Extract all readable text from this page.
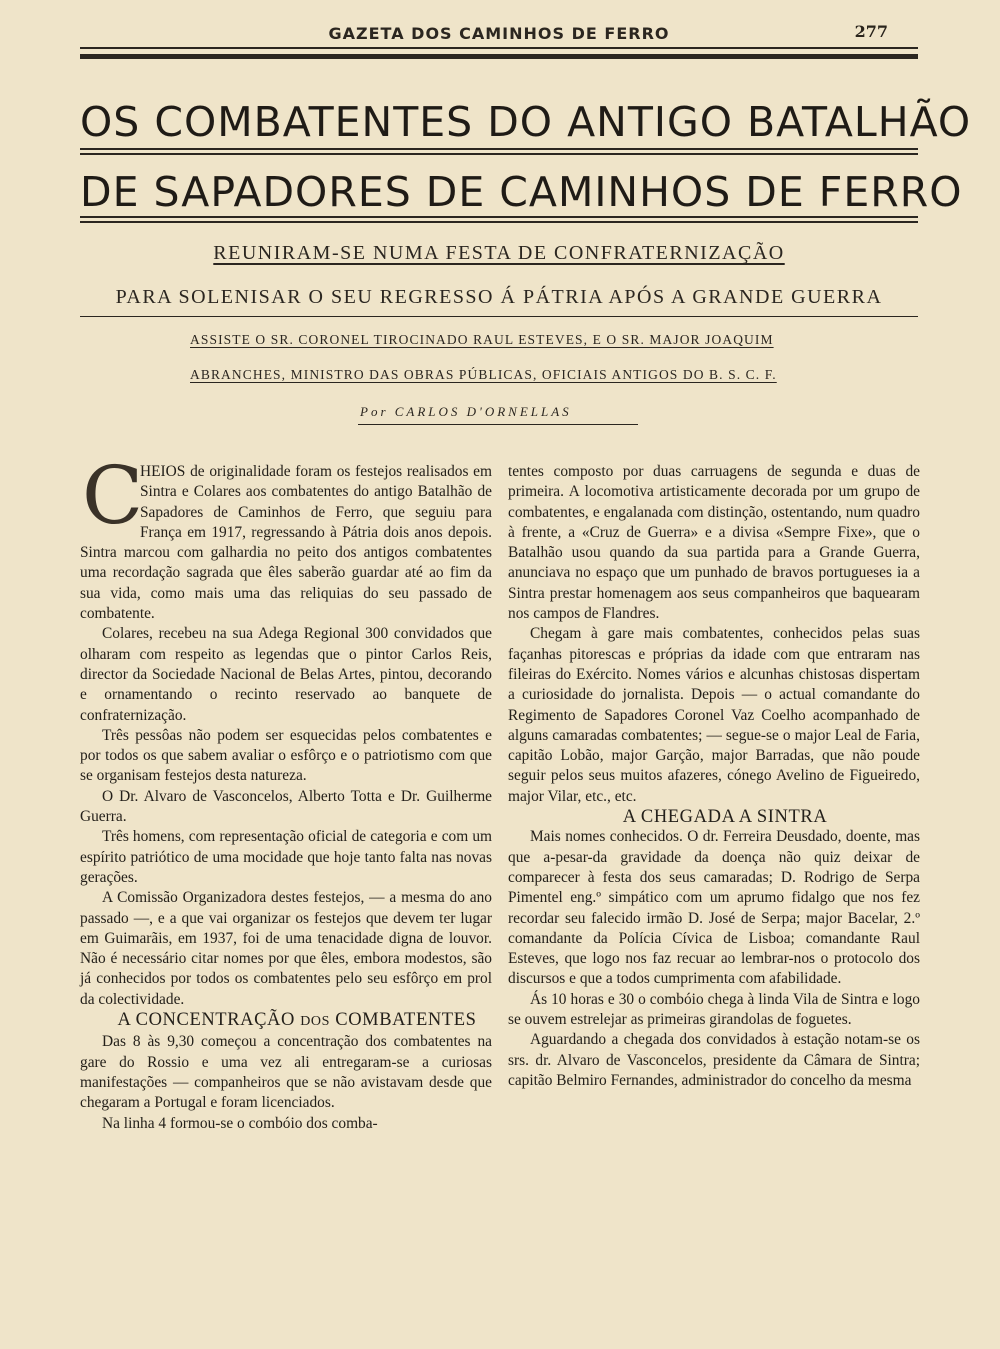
GAZETA DOS CAMINHOS DE FERRO	277
OS COMBATENTES DO ANTIGO BATALHÃO
DE SAPADORES DE CAMINHOS DE FERRO
REUNIRAM-SE NUMA FESTA DE CONFRATERNIZAÇÃO
PARA SOLENISAR O SEU REGRESSO Á PÁTRIA APÓS A GRANDE GUERRA
ASSISTE O SR. CORONEL TIROCINADO RAUL ESTEVES, E O SR. MAJOR JOAQUIM
ABRANCHES, MINISTRO DAS OBRAS PÚBLICAS, OFICIAIS ANTIGOS DO B. S. C. F.
Por CARLOS D'ORNELLAS

C
HEIOS de originalidade foram os festejos realisados em Sintra e Colares aos combatentes do antigo Batalhão de Sapadores de Caminhos de Ferro, que seguiu para França em 1917, regressando à Pátria dois anos depois. Sintra marcou com galhardia no peito dos antigos combatentes uma recordação sagrada que êles saberão guardar até ao fim da sua vida, como mais uma das reliquias do seu passado de combatente.

Colares, recebeu na sua Adega Regional 300 convidados que olharam com respeito as legendas que o pintor Carlos Reis, director da Sociedade Nacional de Belas Artes, pintou, decorando e ornamentando o recinto reservado ao banquete de confraternização.

Três pessôas não podem ser esquecidas pelos combatentes e por todos os que sabem avaliar o esfôrço e o patriotismo com que se organisam festejos desta natureza.

O Dr. Alvaro de Vasconcelos, Alberto Totta e Dr. Guilherme Guerra.

Três homens, com representação oficial de categoria e com um espírito patriótico de uma mocidade que hoje tanto falta nas novas gerações.

A Comissão Organizadora destes festejos, — a mesma do ano passado —, e a que vai organizar os festejos que devem ter lugar em Guimarãis, em 1937, foi de uma tenacidade digna de louvor. Não é necessário citar nomes por que êles, embora modestos, são já conhecidos por todos os combatentes pelo seu esfôrço em prol da colectividade.

A CONCENTRAÇÃO DOS COMBATENTES

Das 8 às 9,30 começou a concentração dos combatentes na gare do Rossio e uma vez ali entregaram-se a curiosas manifestações — companheiros que se não avistavam desde que chegaram a Portugal e foram licenciados.

Na linha 4 formou-se o combóio dos comba-

tentes composto por duas carruagens de segunda e duas de primeira. A locomotiva artisticamente decorada por um grupo de combatentes, e engalanada com distinção, ostentando, num quadro à frente, a «Cruz de Guerra» e a divisa «Sempre Fixe», que o Batalhão usou quando da sua partida para a Grande Guerra, anunciava no espaço que um punhado de bravos portugueses ia a Sintra prestar homenagem aos seus companheiros que baquearam nos campos de Flandres.

Chegam à gare mais combatentes, conhecidos pelas suas façanhas pitorescas e próprias da idade com que entraram nas fileiras do Exército. Nomes vários e alcunhas chistosas dispertam a curiosidade do jornalista. Depois — o actual comandante do Regimento de Sapadores Coronel Vaz Coelho acompanhado de alguns camaradas combatentes; — segue-se o major Leal de Faria, capitão Lobão, major Garção, major Barradas, que não poude seguir pelos seus muitos afazeres, cónego Avelino de Figueiredo, major Vilar, etc., etc.

A CHEGADA A SINTRA

Mais nomes conhecidos. O dr. Ferreira Deusdado, doente, mas que a-pesar-da gravidade da doença não quiz deixar de comparecer à festa dos seus camaradas; D. Rodrigo de Serpa Pimentel eng.º simpático com um aprumo fidalgo que nos fez recordar seu falecido irmão D. José de Serpa; major Bacelar, 2.º comandante da Polícia Cívica de Lisboa; comandante Raul Esteves, que logo nos faz recuar ao lembrar-nos o protocolo dos discursos e que a todos cumprimenta com afabilidade.

Ás 10 horas e 30 o combóio chega à linda Vila de Sintra e logo se ouvem estrelejar as primeiras girandolas de foguetes.

Aguardando a chegada dos convidados à estação notam-se os srs. dr. Alvaro de Vasconcelos, presidente da Câmara de Sintra; capitão Belmiro Fernandes, administrador do concelho da mesma
